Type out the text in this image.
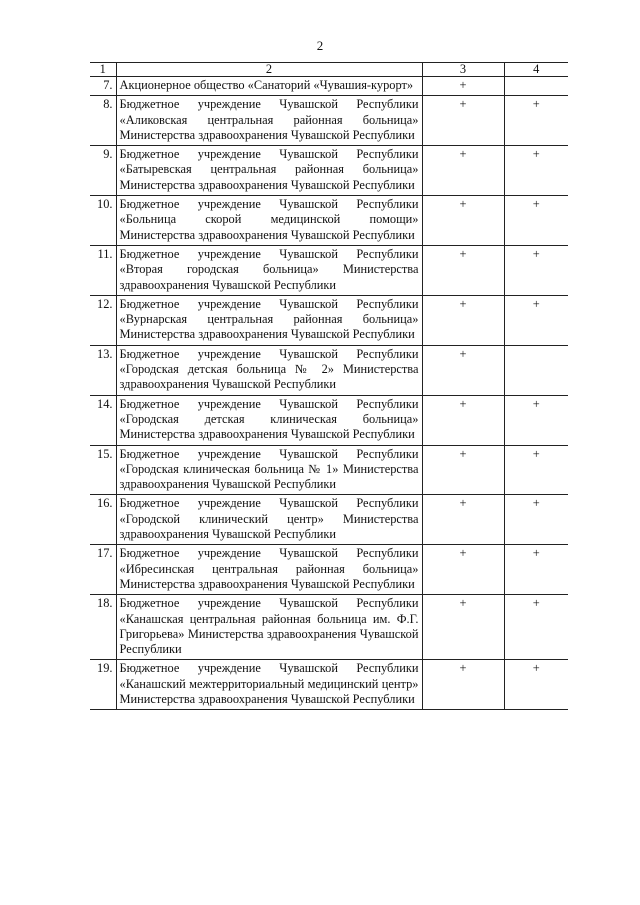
2
1	2	3	4
7.	Акционерное общество «Санаторий «Чувашия-курорт»	+	
8.	Бюджетное учреждение Чувашской Республики «Аликовская центральная районная больница» Министерства здравоохранения Чувашской Республики	+	+
9.	Бюджетное учреждение Чувашской Республики «Батыревская центральная районная больница» Министерства здравоохранения Чувашской Республики	+	+
10.	Бюджетное учреждение Чувашской Республики «Больница скорой медицинской помощи» Министерства здравоохранения Чувашской Республики	+	+
11.	Бюджетное учреждение Чувашской Республики «Вторая городская больница» Министерства здравоохранения Чувашской Республики	+	+
12.	Бюджетное учреждение Чувашской Республики «Вурнарская центральная районная больница» Министерства здравоохранения Чувашской Республики	+	+
13.	Бюджетное учреждение Чувашской Республики «Городская детская больница № 2» Министерства здравоохранения Чувашской Республики	+	
14.	Бюджетное учреждение Чувашской Республики «Городская детская клиническая больница» Министерства здравоохранения Чувашской Республики	+	+
15.	Бюджетное учреждение Чувашской Республики «Городская клиническая больница № 1» Министерства здравоохранения Чувашской Республики	+	+
16.	Бюджетное учреждение Чувашской Республики «Городской клинический центр» Министерства здравоохранения Чувашской Республики	+	+
17.	Бюджетное учреждение Чувашской Республики «Ибресинская центральная районная больница» Министерства здравоохранения Чувашской Республики	+	+
18.	Бюджетное учреждение Чувашской Республики «Канашская центральная районная больница им. Ф.Г. Григорьева» Министерства здравоохранения Чувашской Республики	+	+
19.	Бюджетное учреждение Чувашской Республики «Канашский межтерриториальный медицинский центр» Министерства здравоохранения Чувашской Республики	+	+
